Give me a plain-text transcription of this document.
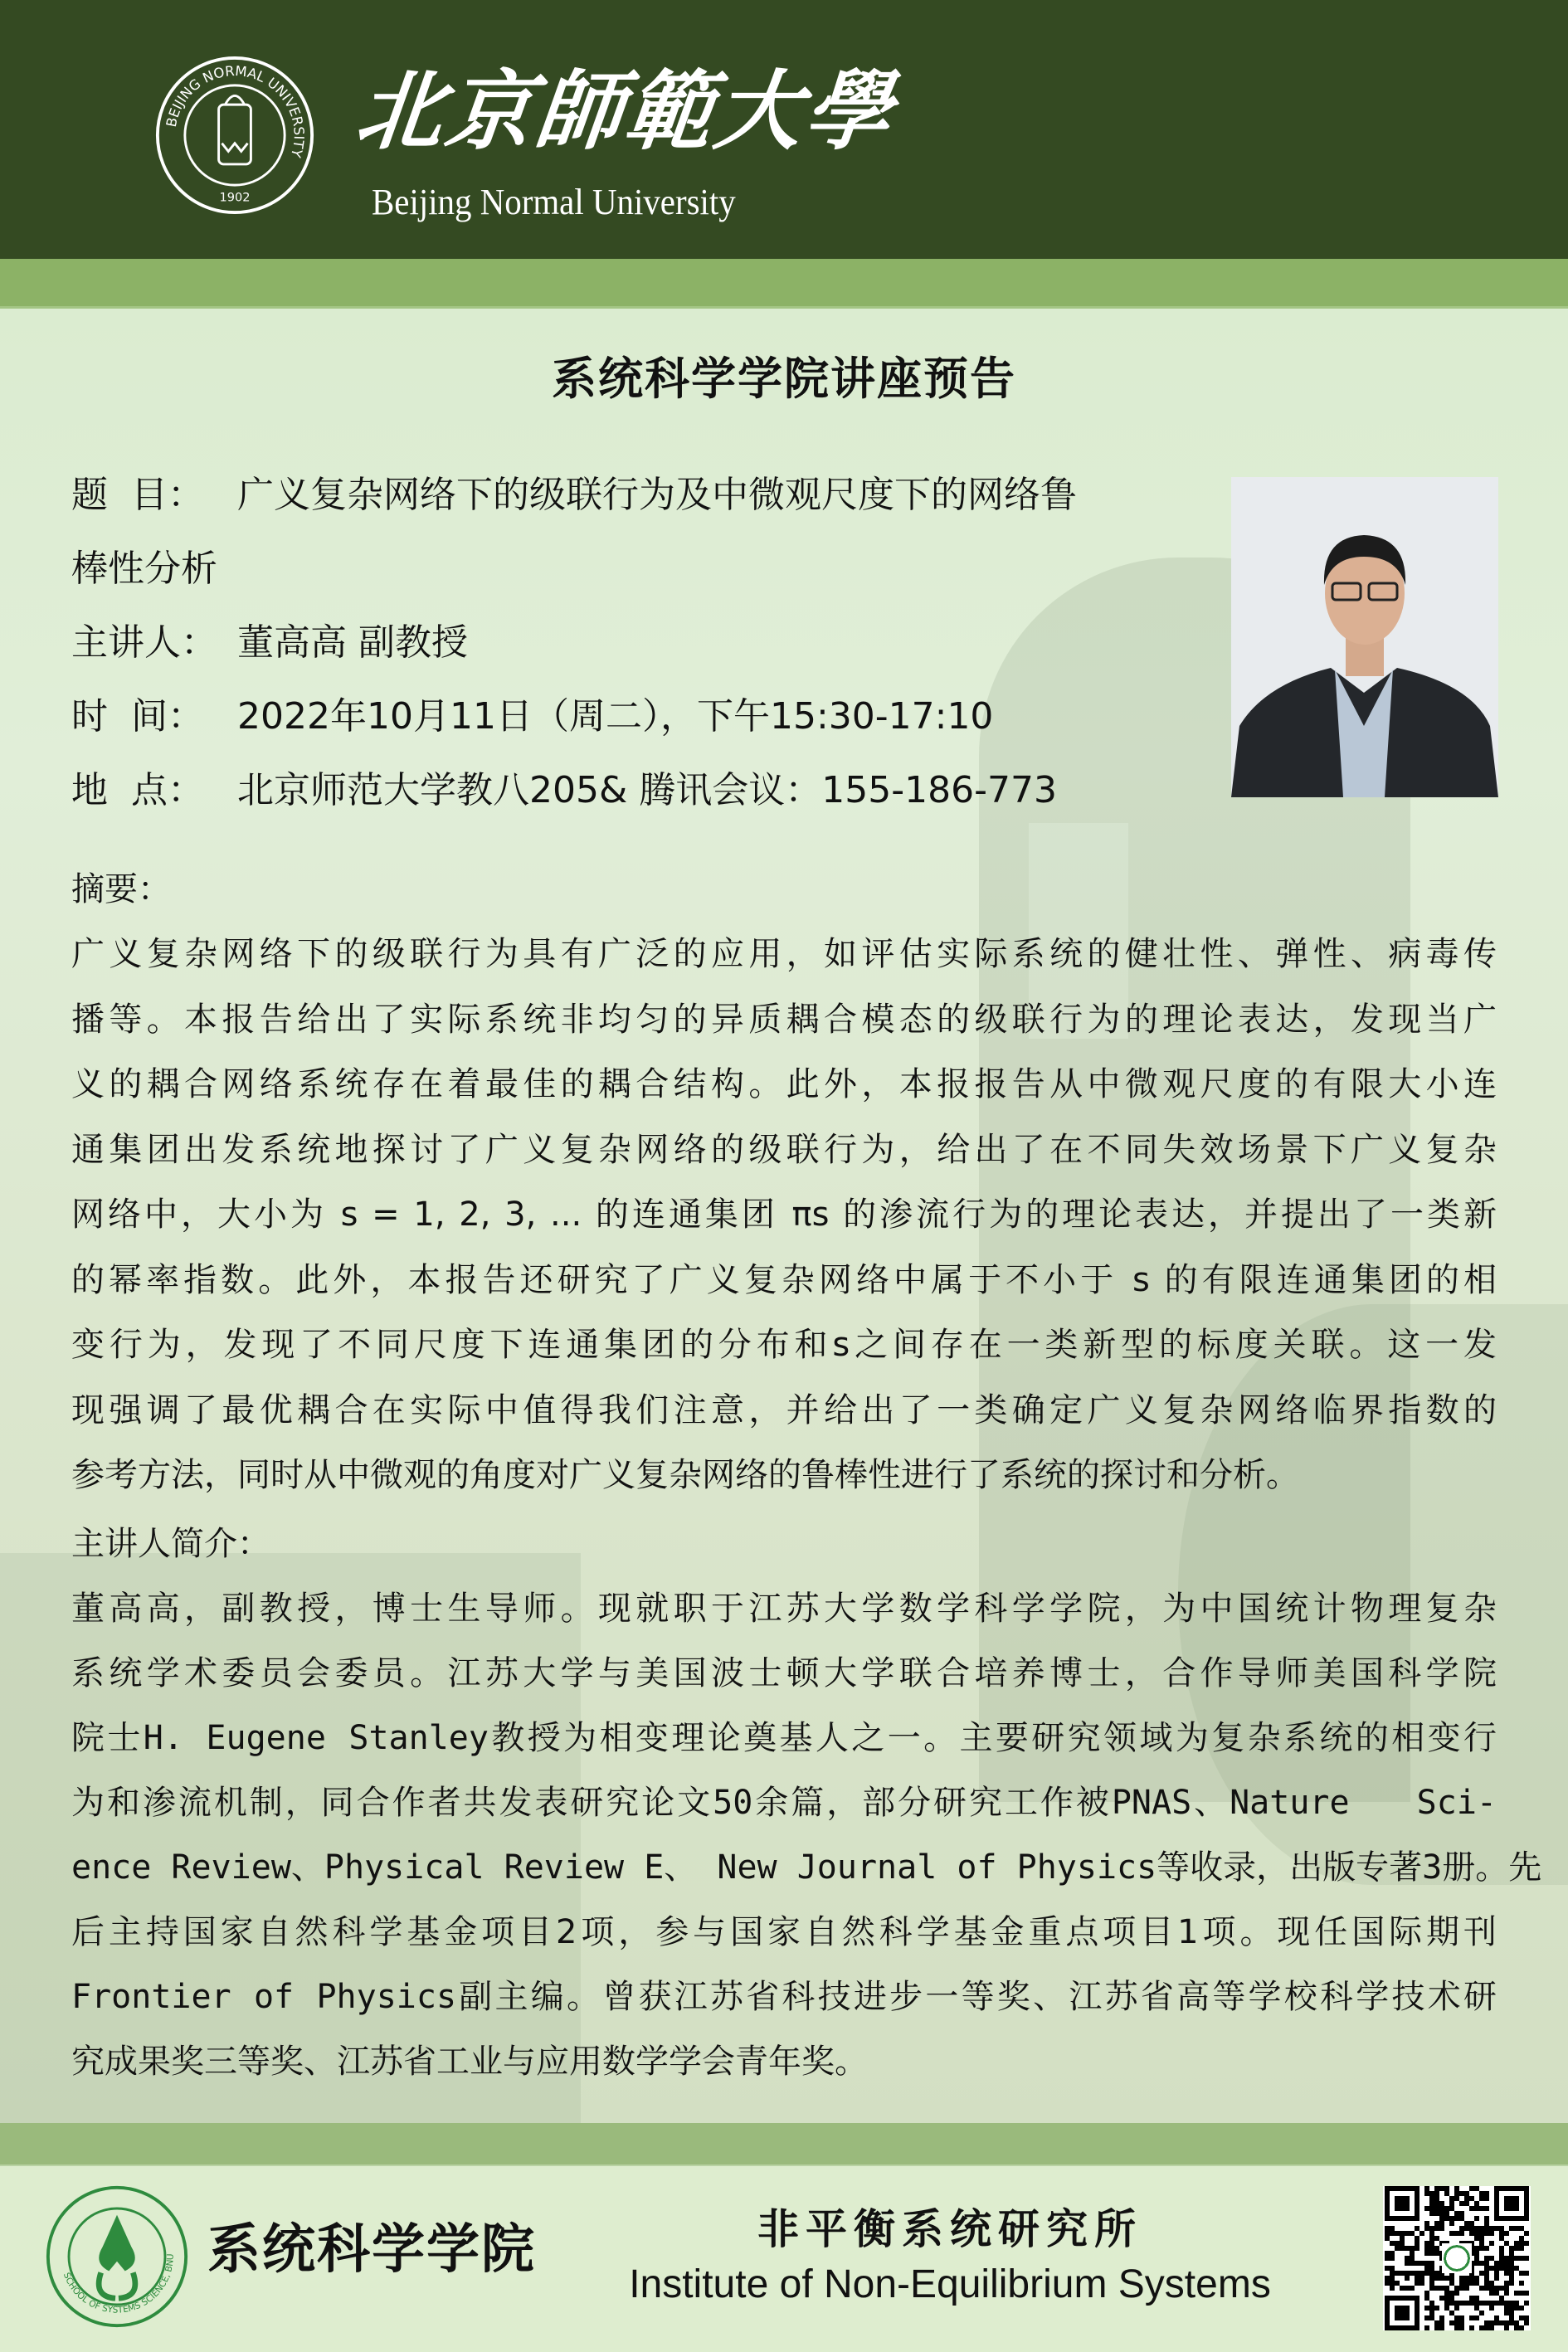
BEIJING NORMAL UNIVERSITY
1902
北京師範大學
Beijing Normal University
系统科学学院讲座预告
题  目： 广义复杂网络下的级联行为及中微观尺度下的网络鲁
棒性分析
主讲人： 董高高 副教授
时  间： 2022年10月11日（周二），下午15:30-17:10
地  点： 北京师范大学教八205& 腾讯会议：155-186-773
摘要：
广义复杂网络下的级联行为具有广泛的应用，如评估实际系统的健壮性、弹性、病毒传
播等。本报告给出了实际系统非均匀的异质耦合模态的级联行为的理论表达，发现当广
义的耦合网络系统存在着最佳的耦合结构。此外，本报报告从中微观尺度的有限大小连
通集团出发系统地探讨了广义复杂网络的级联行为，给出了在不同失效场景下广义复杂
网络中，大小为 s = 1, 2, 3, ... 的连通集团 πs 的渗流行为的理论表达，并提出了一类新
的幂率指数。此外，本报告还研究了广义复杂网络中属于不小于 s 的有限连通集团的相
变行为，发现了不同尺度下连通集团的分布和s之间存在一类新型的标度关联。这一发
现强调了最优耦合在实际中值得我们注意，并给出了一类确定广义复杂网络临界指数的
参考方法，同时从中微观的角度对广义复杂网络的鲁棒性进行了系统的探讨和分析。
主讲人简介：
董高高，副教授，博士生导师。现就职于江苏大学数学科学学院，为中国统计物理复杂
系统学术委员会委员。江苏大学与美国波士顿大学联合培养博士，合作导师美国科学院
院士H. Eugene Stanley教授为相变理论奠基人之一。主要研究领域为复杂系统的相变行
为和渗流机制，同合作者共发表研究论文50余篇，部分研究工作被PNAS、Nature   Sci-
ence Review、Physical Review E、 New Journal of Physics等收录，出版专著3册。先
后主持国家自然科学基金项目2项，参与国家自然科学基金重点项目1项。现任国际期刊
Frontier of Physics副主编。曾获江苏省科技进步一等奖、江苏省高等学校科学技术研
究成果奖三等奖、江苏省工业与应用数学学会青年奖。
SCHOOL OF SYSTEMS SCIENCE, BNU 系统科学学院	非平衡系统研究所
Institute of Non-Equilibrium Systems
